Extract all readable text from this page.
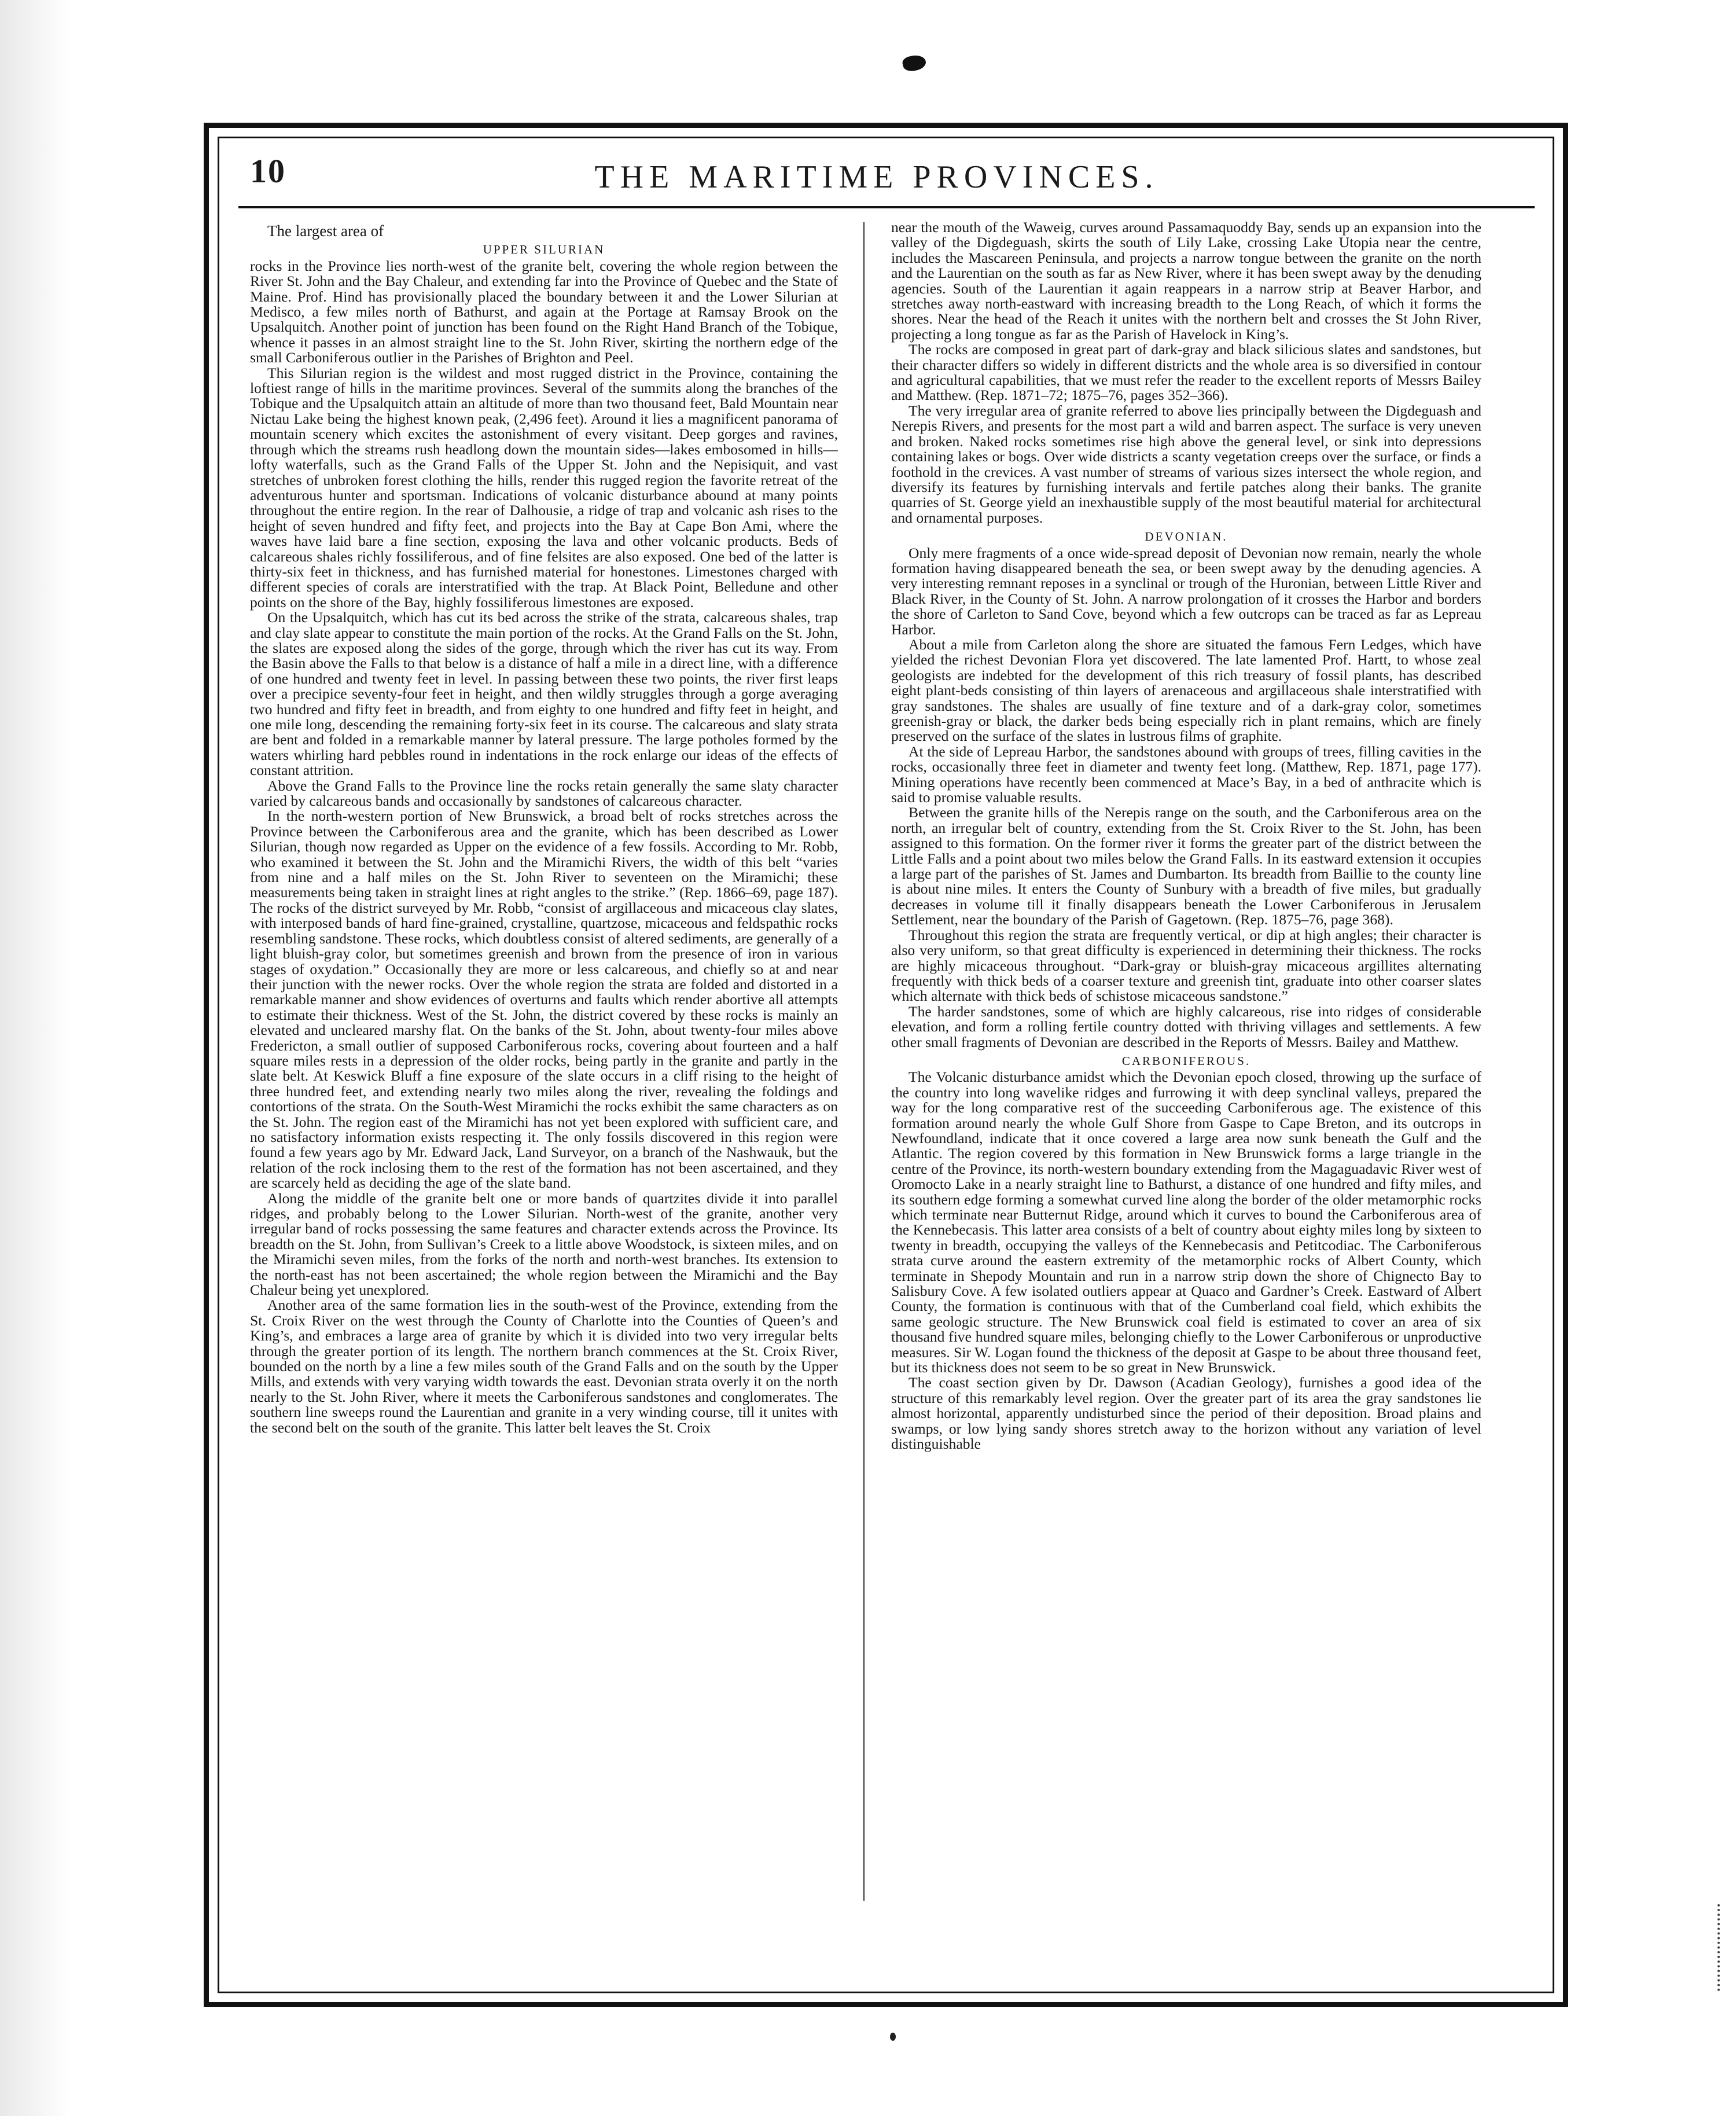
10	THE MARITIME PROVINCES.

The largest area of

UPPER SILURIAN

rocks in the Province lies north-west of the granite belt, covering the whole region between the River St. John and the Bay Chaleur, and extending far into the Province of Quebec and the State of Maine. Prof. Hind has provisionally placed the boundary between it and the Lower Silurian at Medisco, a few miles north of Bathurst, and again at the Portage at Ramsay Brook on the Upsalquitch. Another point of junction has been found on the Right Hand Branch of the Tobique, whence it passes in an almost straight line to the St. John River, skirting the northern edge of the small Carboniferous outlier in the Parishes of Brighton and Peel.

This Silurian region is the wildest and most rugged district in the Province, containing the loftiest range of hills in the maritime provinces. Several of the summits along the branches of the Tobique and the Upsalquitch attain an altitude of more than two thousand feet, Bald Mountain near Nictau Lake being the highest known peak, (2,496 feet). Around it lies a magnificent panorama of mountain scenery which excites the astonishment of every visitant. Deep gorges and ravines, through which the streams rush headlong down the mountain sides—lakes embosomed in hills—lofty waterfalls, such as the Grand Falls of the Upper St. John and the Nepisiquit, and vast stretches of unbroken forest clothing the hills, render this rugged region the favorite retreat of the adventurous hunter and sportsman. Indications of volcanic disturbance abound at many points throughout the entire region. In the rear of Dalhousie, a ridge of trap and volcanic ash rises to the height of seven hundred and fifty feet, and projects into the Bay at Cape Bon Ami, where the waves have laid bare a fine section, exposing the lava and other volcanic products. Beds of calcareous shales richly fossiliferous, and of fine felsites are also exposed. One bed of the latter is thirty-six feet in thickness, and has furnished material for honestones. Limestones charged with different species of corals are interstratified with the trap. At Black Point, Belledune and other points on the shore of the Bay, highly fossiliferous limestones are exposed.

On the Upsalquitch, which has cut its bed across the strike of the strata, calcareous shales, trap and clay slate appear to constitute the main portion of the rocks. At the Grand Falls on the St. John, the slates are exposed along the sides of the gorge, through which the river has cut its way. From the Basin above the Falls to that below is a distance of half a mile in a direct line, with a difference of one hundred and twenty feet in level. In passing between these two points, the river first leaps over a precipice seventy-four feet in height, and then wildly struggles through a gorge averaging two hundred and fifty feet in breadth, and from eighty to one hundred and fifty feet in height, and one mile long, descending the remaining forty-six feet in its course. The calcareous and slaty strata are bent and folded in a remarkable manner by lateral pressure. The large potholes formed by the waters whirling hard pebbles round in indentations in the rock enlarge our ideas of the effects of constant attrition.

Above the Grand Falls to the Province line the rocks retain generally the same slaty character varied by calcareous bands and occasionally by sandstones of calcareous character.

In the north-western portion of New Brunswick, a broad belt of rocks stretches across the Province between the Carboniferous area and the granite, which has been described as Lower Silurian, though now regarded as Upper on the evidence of a few fossils. According to Mr. Robb, who examined it between the St. John and the Miramichi Rivers, the width of this belt “varies from nine and a half miles on the St. John River to seventeen on the Miramichi; these measurements being taken in straight lines at right angles to the strike.” (Rep. 1866–69, page 187). The rocks of the district surveyed by Mr. Robb, “consist of argillaceous and micaceous clay slates, with interposed bands of hard fine-grained, crystalline, quartzose, micaceous and feldspathic rocks resembling sandstone. These rocks, which doubtless consist of altered sediments, are generally of a light bluish-gray color, but sometimes greenish and brown from the presence of iron in various stages of oxydation.” Occasionally they are more or less calcareous, and chiefly so at and near their junction with the newer rocks. Over the whole region the strata are folded and distorted in a remarkable manner and show evidences of overturns and faults which render abortive all attempts to estimate their thickness. West of the St. John, the district covered by these rocks is mainly an elevated and uncleared marshy flat. On the banks of the St. John, about twenty-four miles above Fredericton, a small outlier of supposed Carboniferous rocks, covering about fourteen and a half square miles rests in a depression of the older rocks, being partly in the granite and partly in the slate belt. At Keswick Bluff a fine exposure of the slate occurs in a cliff rising to the height of three hundred feet, and extending nearly two miles along the river, revealing the foldings and contortions of the strata. On the South-West Miramichi the rocks exhibit the same characters as on the St. John. The region east of the Miramichi has not yet been explored with sufficient care, and no satisfactory information exists respecting it. The only fossils discovered in this region were found a few years ago by Mr. Edward Jack, Land Surveyor, on a branch of the Nashwauk, but the relation of the rock inclosing them to the rest of the formation has not been ascertained, and they are scarcely held as deciding the age of the slate band.

Along the middle of the granite belt one or more bands of quartzites divide it into parallel ridges, and probably belong to the Lower Silurian. North-west of the granite, another very irregular band of rocks possessing the same features and character extends across the Province. Its breadth on the St. John, from Sullivan’s Creek to a little above Woodstock, is sixteen miles, and on the Miramichi seven miles, from the forks of the north and north-west branches. Its extension to the north-east has not been ascertained; the whole region between the Miramichi and the Bay Chaleur being yet unexplored.

Another area of the same formation lies in the south-west of the Province, extending from the St. Croix River on the west through the County of Charlotte into the Counties of Queen’s and King’s, and embraces a large area of granite by which it is divided into two very irregular belts through the greater portion of its length. The northern branch commences at the St. Croix River, bounded on the north by a line a few miles south of the Grand Falls and on the south by the Upper Mills, and extends with very varying width towards the east. Devonian strata overly it on the north nearly to the St. John River, where it meets the Carboniferous sandstones and conglomerates. The southern line sweeps round the Laurentian and granite in a very winding course, till it unites with the second belt on the south of the granite. This latter belt leaves the St. Croix

near the mouth of the Waweig, curves around Passamaquoddy Bay, sends up an expansion into the valley of the Digdeguash, skirts the south of Lily Lake, crossing Lake Utopia near the centre, includes the Mascareen Peninsula, and projects a narrow tongue between the granite on the north and the Laurentian on the south as far as New River, where it has been swept away by the denuding agencies. South of the Laurentian it again reappears in a narrow strip at Beaver Harbor, and stretches away north-eastward with increasing breadth to the Long Reach, of which it forms the shores. Near the head of the Reach it unites with the northern belt and crosses the St John River, projecting a long tongue as far as the Parish of Havelock in King’s.

The rocks are composed in great part of dark-gray and black silicious slates and sandstones, but their character differs so widely in different districts and the whole area is so diversified in contour and agricultural capabilities, that we must refer the reader to the excellent reports of Messrs Bailey and Matthew. (Rep. 1871–72; 1875–76, pages 352–366).

The very irregular area of granite referred to above lies principally between the Digdeguash and Nerepis Rivers, and presents for the most part a wild and barren aspect. The surface is very uneven and broken. Naked rocks sometimes rise high above the general level, or sink into depressions containing lakes or bogs. Over wide districts a scanty vegetation creeps over the surface, or finds a foothold in the crevices. A vast number of streams of various sizes intersect the whole region, and diversify its features by furnishing intervals and fertile patches along their banks. The granite quarries of St. George yield an inexhaustible supply of the most beautiful material for architectural and ornamental purposes.

DEVONIAN.

Only mere fragments of a once wide-spread deposit of Devonian now remain, nearly the whole formation having disappeared beneath the sea, or been swept away by the denuding agencies. A very interesting remnant reposes in a synclinal or trough of the Huronian, between Little River and Black River, in the County of St. John. A narrow prolongation of it crosses the Harbor and borders the shore of Carleton to Sand Cove, beyond which a few outcrops can be traced as far as Lepreau Harbor.

About a mile from Carleton along the shore are situated the famous Fern Ledges, which have yielded the richest Devonian Flora yet discovered. The late lamented Prof. Hartt, to whose zeal geologists are indebted for the development of this rich treasury of fossil plants, has described eight plant-beds consisting of thin layers of arenaceous and argillaceous shale interstratified with gray sandstones. The shales are usually of fine texture and of a dark-gray color, sometimes greenish-gray or black, the darker beds being especially rich in plant remains, which are finely preserved on the surface of the slates in lustrous films of graphite.

At the side of Lepreau Harbor, the sandstones abound with groups of trees, filling cavities in the rocks, occasionally three feet in diameter and twenty feet long. (Matthew, Rep. 1871, page 177). Mining operations have recently been commenced at Mace’s Bay, in a bed of anthracite which is said to promise valuable results.

Between the granite hills of the Nerepis range on the south, and the Carboniferous area on the north, an irregular belt of country, extending from the St. Croix River to the St. John, has been assigned to this formation. On the former river it forms the greater part of the district between the Little Falls and a point about two miles below the Grand Falls. In its eastward extension it occupies a large part of the parishes of St. James and Dumbarton. Its breadth from Baillie to the county line is about nine miles. It enters the County of Sunbury with a breadth of five miles, but gradually decreases in volume till it finally disappears beneath the Lower Carboniferous in Jerusalem Settlement, near the boundary of the Parish of Gagetown. (Rep. 1875–76, page 368).

Throughout this region the strata are frequently vertical, or dip at high angles; their character is also very uniform, so that great difficulty is experienced in determining their thickness. The rocks are highly micaceous throughout. “Dark-gray or bluish-gray micaceous argillites alternating frequently with thick beds of a coarser texture and greenish tint, graduate into other coarser slates which alternate with thick beds of schistose micaceous sandstone.”

The harder sandstones, some of which are highly calcareous, rise into ridges of considerable elevation, and form a rolling fertile country dotted with thriving villages and settlements. A few other small fragments of Devonian are described in the Reports of Messrs. Bailey and Matthew.

CARBONIFEROUS.

The Volcanic disturbance amidst which the Devonian epoch closed, throwing up the surface of the country into long wavelike ridges and furrowing it with deep synclinal valleys, prepared the way for the long comparative rest of the succeeding Carboniferous age. The existence of this formation around nearly the whole Gulf Shore from Gaspe to Cape Breton, and its outcrops in Newfoundland, indicate that it once covered a large area now sunk beneath the Gulf and the Atlantic. The region covered by this formation in New Brunswick forms a large triangle in the centre of the Province, its north-western boundary extending from the Magaguadavic River west of Oromocto Lake in a nearly straight line to Bathurst, a distance of one hundred and fifty miles, and its southern edge forming a somewhat curved line along the border of the older metamorphic rocks which terminate near Butternut Ridge, around which it curves to bound the Carboniferous area of the Kennebecasis. This latter area consists of a belt of country about eighty miles long by sixteen to twenty in breadth, occupying the valleys of the Kennebecasis and Petitcodiac. The Carboniferous strata curve around the eastern extremity of the metamorphic rocks of Albert County, which terminate in Shepody Mountain and run in a narrow strip down the shore of Chignecto Bay to Salisbury Cove. A few isolated outliers appear at Quaco and Gardner’s Creek. Eastward of Albert County, the formation is continuous with that of the Cumberland coal field, which exhibits the same geologic structure. The New Brunswick coal field is estimated to cover an area of six thousand five hundred square miles, belonging chiefly to the Lower Carboniferous or unproductive measures. Sir W. Logan found the thickness of the deposit at Gaspe to be about three thousand feet, but its thickness does not seem to be so great in New Brunswick.

The coast section given by Dr. Dawson (Acadian Geology), furnishes a good idea of the structure of this remarkably level region. Over the greater part of its area the gray sandstones lie almost horizontal, apparently undisturbed since the period of their deposition. Broad plains and swamps, or low lying sandy shores stretch away to the horizon without any variation of level distinguishable
